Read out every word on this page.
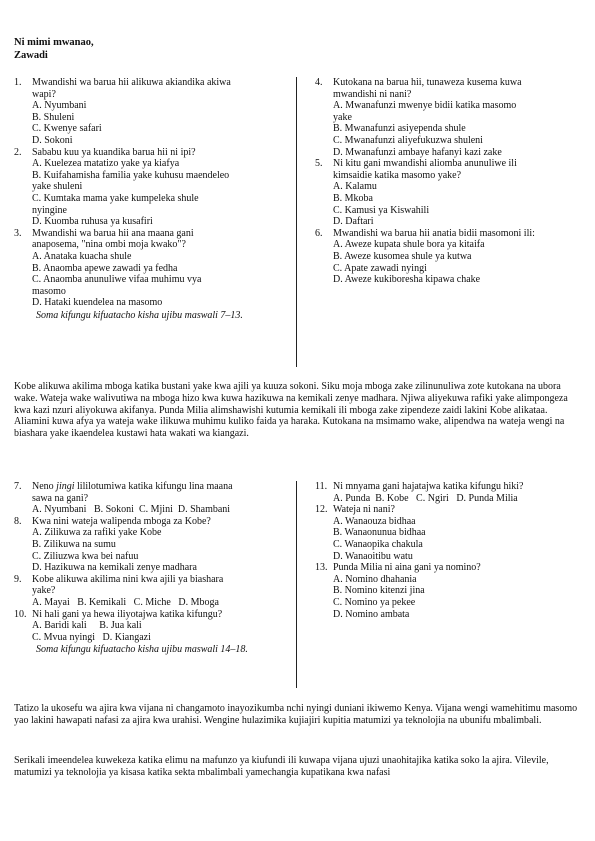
Ni mimi mwanao,
Zawadi
1.	Mwandishi wa barua hii alikuwa akiandika akiwa
wapi?
A. Nyumbani
B. Shuleni
C. Kwenye safari
D. Sokoni
2.	Sababu kuu ya kuandika barua hii ni ipi?
A. Kuelezea matatizo yake ya kiafya
B. Kuifahamisha familia yake kuhusu maendeleo
yake shuleni
C. Kumtaka mama yake kumpeleka shule
nyingine
D. Kuomba ruhusa ya kusafiri
3.	Mwandishi wa barua hii ana maana gani
anaposema, "nina ombi moja kwako"?
A. Anataka kuacha shule
B. Anaomba apewe zawadi ya fedha
C. Anaomba anunuliwe vifaa muhimu vya
masomo
D. Hataki kuendelea na masomo
Soma kifungu kifuatacho kisha ujibu maswali 7–13.
4.	Kutokana na barua hii, tunaweza kusema kuwa
mwandishi ni nani?
A. Mwanafunzi mwenye bidii katika masomo
yake
B. Mwanafunzi asiyependa shule
C. Mwanafunzi aliyefukuzwa shuleni
D. Mwanafunzi ambaye hafanyi kazi zake
5.	Ni kitu gani mwandishi aliomba anunuliwe ili
kimsaidie katika masomo yake?
A. Kalamu
B. Mkoba
C. Kamusi ya Kiswahili
D. Daftari
6.	Mwandishi wa barua hii anatia bidii masomoni ili:
A. Aweze kupata shule bora ya kitaifa
B. Aweze kusomea shule ya kutwa
C. Apate zawadi nyingi
D. Aweze kukiboresha kipawa chake
Kobe alikuwa akilima mboga katika bustani yake kwa ajili ya kuuza sokoni. Siku moja mboga zake zilinunuliwa zote kutokana na ubora wake. Wateja wake walivutiwa na mboga hizo kwa kuwa hazikuwa na kemikali zenye madhara. Njiwa aliyekuwa rafiki yake alimpongeza kwa kazi nzuri aliyokuwa akifanya. Punda Milia alimshawishi kutumia kemikali ili mboga zake zipendeze zaidi lakini Kobe alikataa. Aliamini kuwa afya ya wateja wake ilikuwa muhimu kuliko faida ya haraka. Kutokana na msimamo wake, alipendwa na wateja wengi na biashara yake ikaendelea kustawi hata wakati wa kiangazi.
7.	Neno jingi lililotumiwa katika kifungu lina maana
sawa na gani?
A. Nyumbani   B. Sokoni  C. Mjini  D. Shambani
8.	Kwa nini wateja walipenda mboga za Kobe?
A. Zilikuwa za rafiki yake Kobe
B. Zilikuwa na sumu
C. Ziliuzwa kwa bei nafuu
D. Hazikuwa na kemikali zenye madhara
9.	Kobe alikuwa akilima nini kwa ajili ya biashara
yake?
A. Mayai   B. Kemikali   C. Miche   D. Mboga
10. Ni hali gani ya hewa iliyotajwa katika kifungu?
A. Baridi kali     B. Jua kali
C. Mvua nyingi   D. Kiangazi
Soma kifungu kifuatacho kisha ujibu maswali 14–18.
11. Ni mnyama gani hajatajwa katika kifungu hiki?
A. Punda  B. Kobe   C. Ngiri   D. Punda Milia
12. Wateja ni nani?
A. Wanaouza bidhaa
B. Wanaonunua bidhaa
C. Wanaopika chakula
D. Wanaoitibu watu
13. Punda Milia ni aina gani ya nomino?
A. Nomino dhahania
B. Nomino kitenzi jina
C. Nomino ya pekee
D. Nomino ambata
Tatizo la ukosefu wa ajira kwa vijana ni changamoto inayozikumba nchi nyingi duniani ikiwemo Kenya. Vijana wengi wamehitimu masomo yao lakini hawapati nafasi za ajira kwa urahisi. Wengine hulazimika kujiajiri kupitia matumizi ya teknolojia na ubunifu mbalimbali.
Serikali imeendelea kuwekeza katika elimu na mafunzo ya kiufundi ili kuwapa vijana ujuzi unaohitajika katika soko la ajira. Vilevile, matumizi ya teknolojia ya kisasa katika sekta mbalimbali yamechangia kupatikana kwa nafasi
